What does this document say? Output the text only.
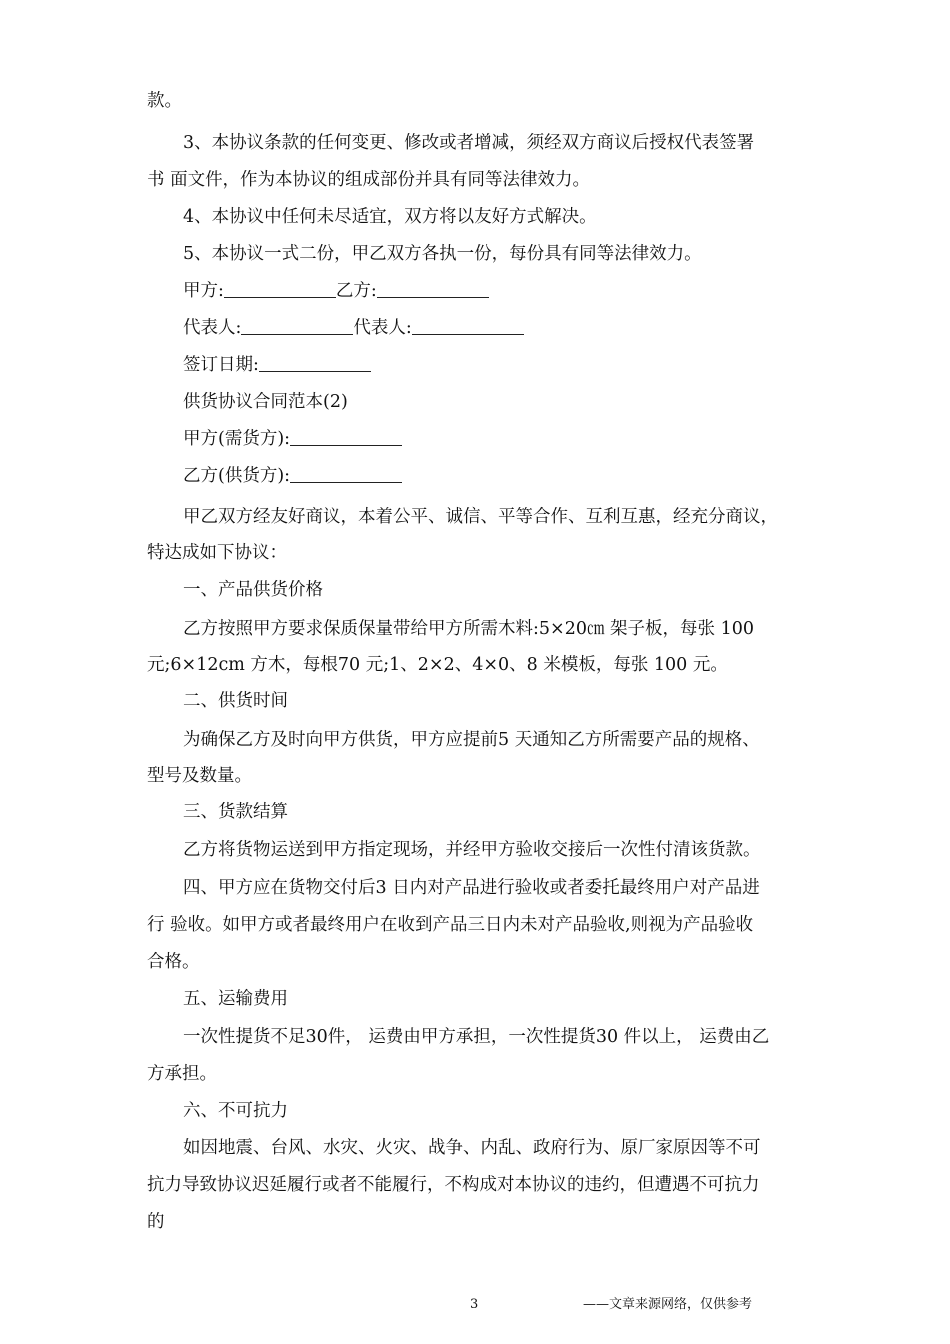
款。
3、本协议条款的任何变更、修改或者增减，须经双方商议后授权代表签署
书 面文件，作为本协议的组成部份并具有同等法律效力。
4、本协议中任何未尽适宜，双方将以友好方式解决。
5、本协议一式二份，甲乙双方各执一份，每份具有同等法律效力。
甲方:	乙方:
代表人:	代表人:
签订日期:
供货协议合同范本(2)
甲方(需货方):
乙方(供货方):
甲乙双方经友好商议，本着公平、诚信、平等合作、互利互惠，经充分商议，
特达成如下协议：
一、产品供货价格
乙方按照甲方要求保质保量带给甲方所需木料:5×20㎝ 架子板，每张 100
元;6×12cm 方木，每根70 元;1、2×2、4×0、8 米模板，每张 100 元。
二、供货时间
为确保乙方及时向甲方供货，甲方应提前5 天通知乙方所需要产品的规格、
型号及数量。
三、货款结算
乙方将货物运送到甲方指定现场，并经甲方验收交接后一次性付清该货款。
四、甲方应在货物交付后3 日内对产品进行验收或者委托最终用户对产品进
行 验收。如甲方或者最终用户在收到产品三日内未对产品验收,则视为产品验收
合格。
五、运输费用
一次性提货不足30件， 运费由甲方承担，一次性提货30 件以上， 运费由乙
方承担。
六、不可抗力
如因地震、台风、水灾、火灾、战争、内乱、政府行为、原厂家原因等不可
抗力导致协议迟延履行或者不能履行，不构成对本协议的违约，但遭遇不可抗力
的
3	——文章来源网络，仅供参考
